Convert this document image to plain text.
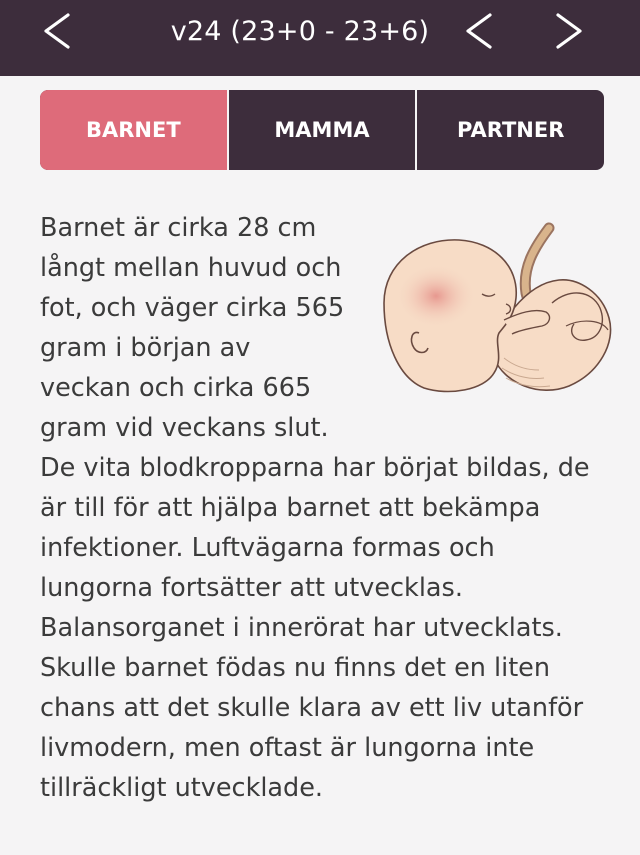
v24 (23+0 - 23+6)
BARNET	MAMMA	PARTNER

Barnet är cirka 28 cm långt mellan huvud och fot, och väger cirka 565 gram i början av veckan och cirka 665 gram vid veckans slut.

De vita blodkropparna har börjat bildas, de är till för att hjälpa barnet att bekämpa infektioner. Luftvägarna formas och lungorna fortsätter att utvecklas. Balansorganet i innerörat har utvecklats. Skulle barnet födas nu finns det en liten chans att det skulle klara av ett liv utanför livmodern, men oftast är lungorna inte tillräckligt utvecklade.
